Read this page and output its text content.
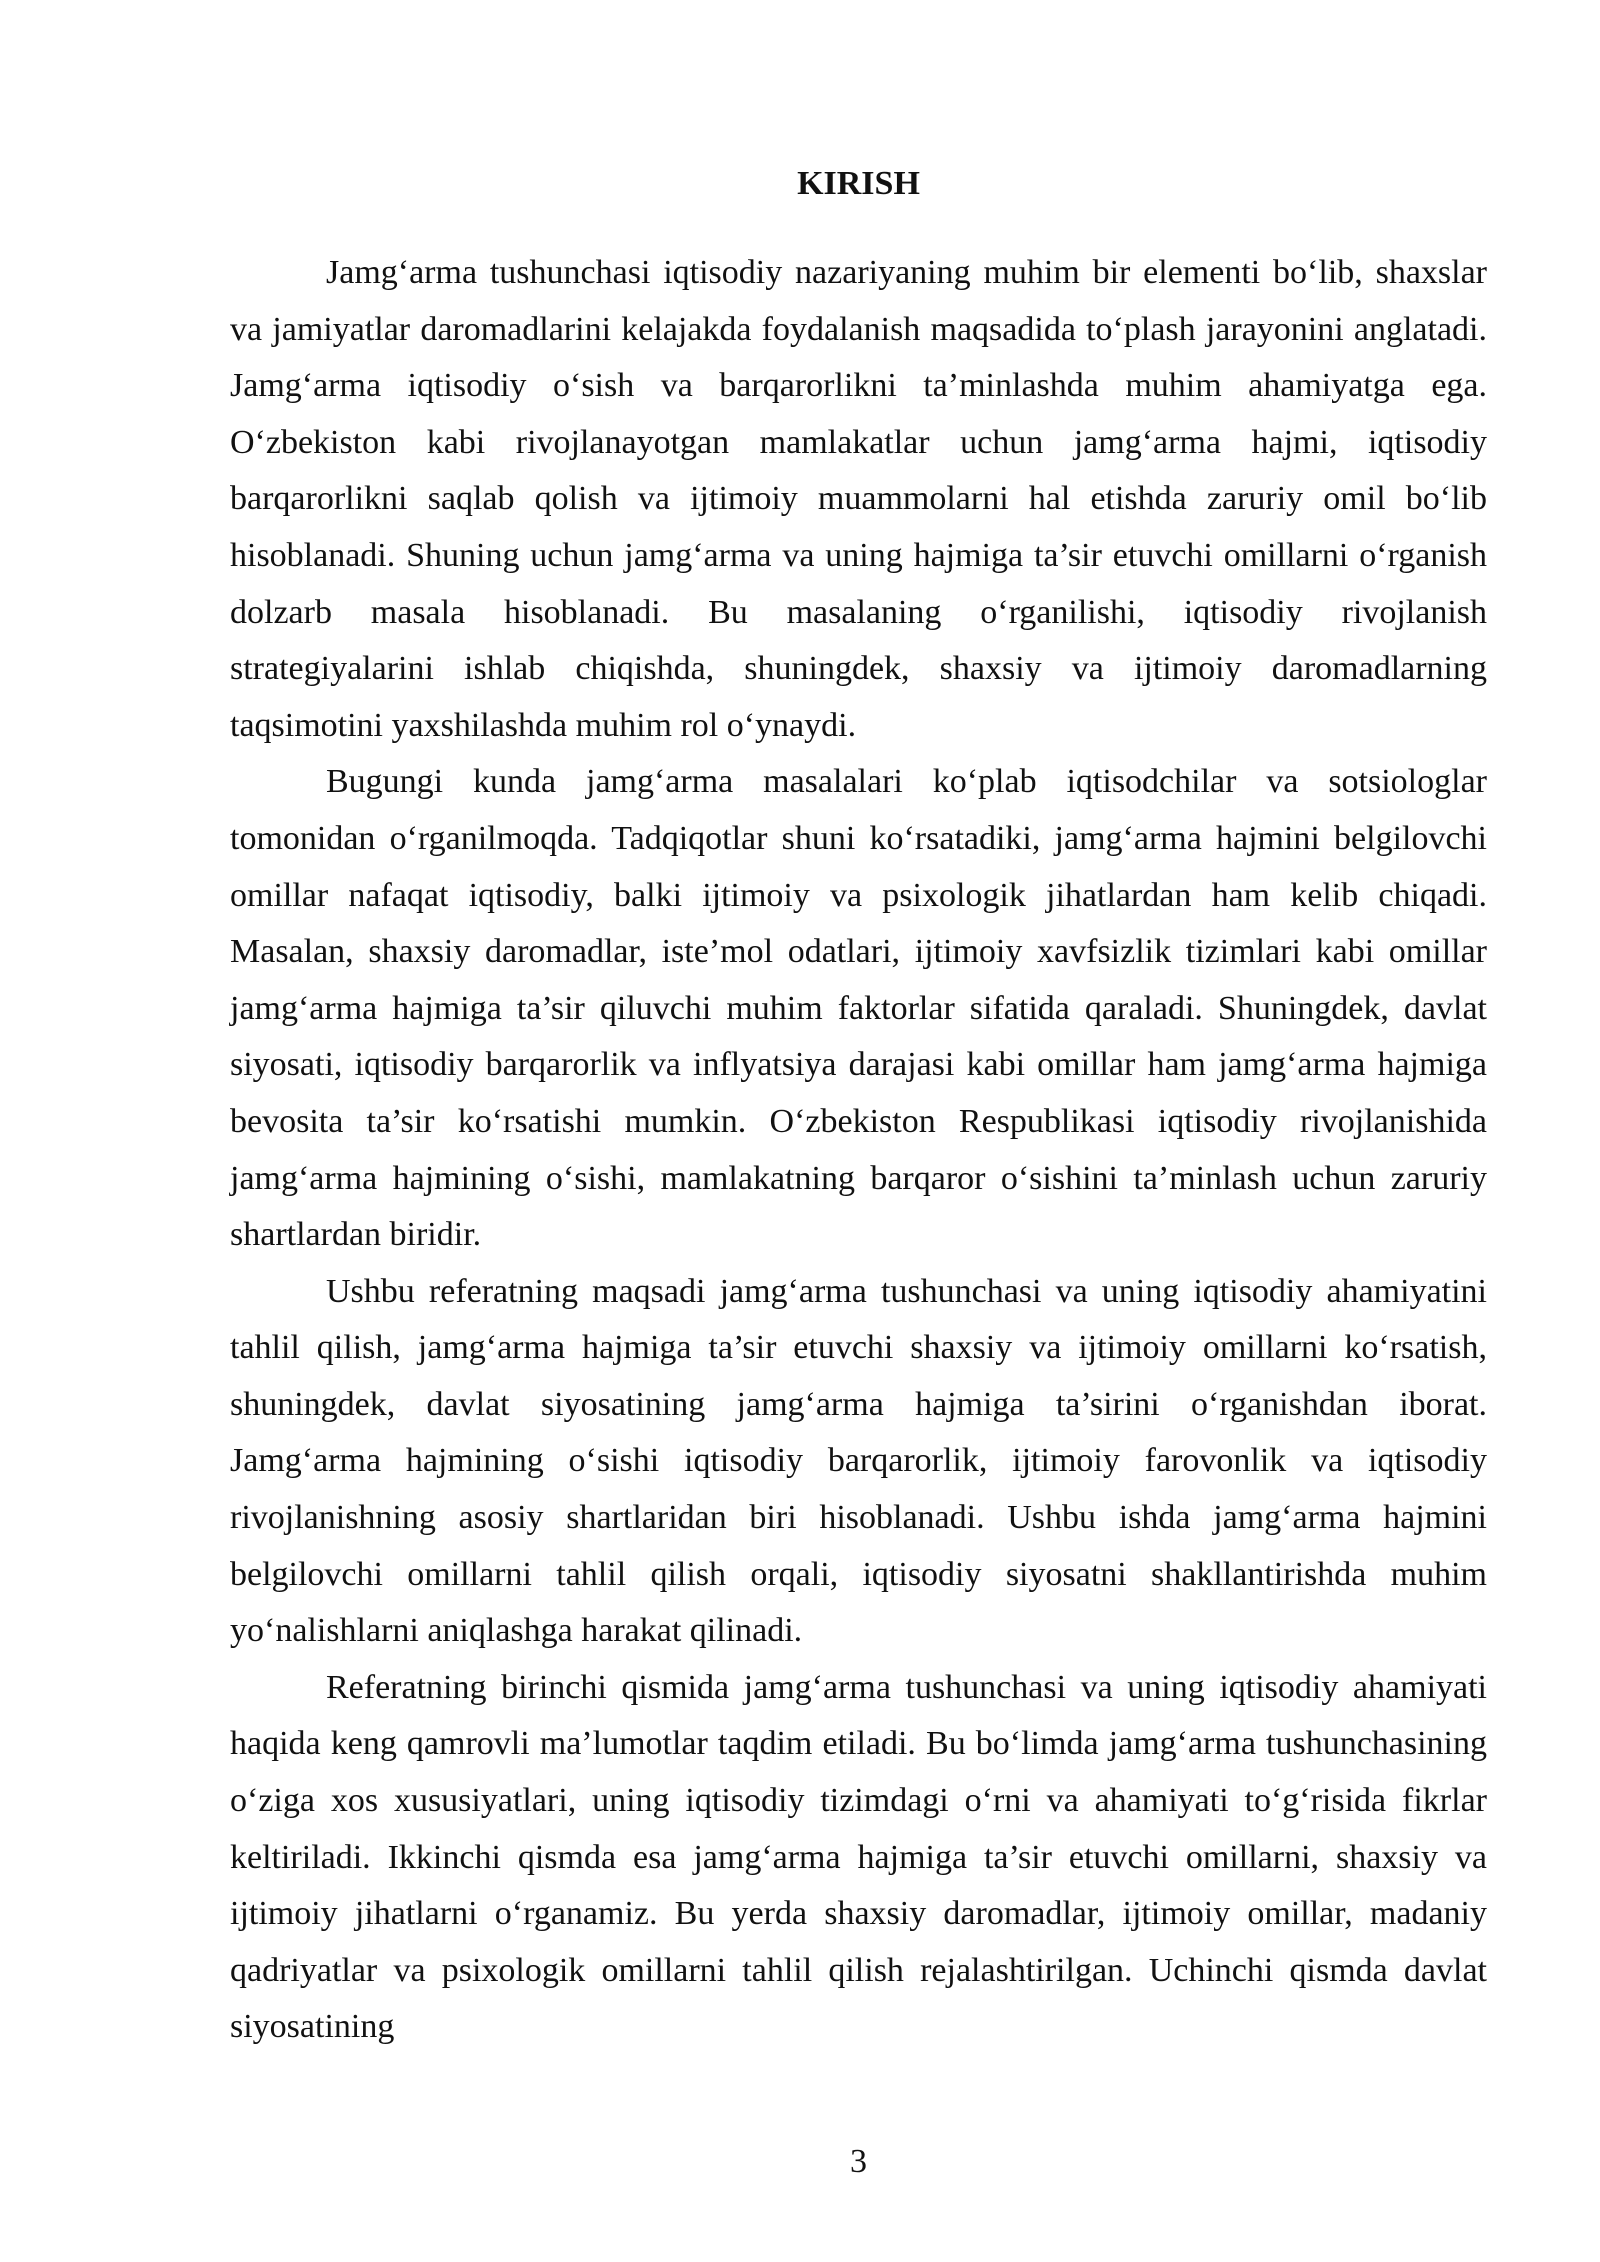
KIRISH

Jamg‘arma tushunchasi iqtisodiy nazariyaning muhim bir elementi bo‘lib, shaxslar va jamiyatlar daromadlarini kelajakda foydalanish maqsadida to‘plash jarayonini anglatadi. Jamg‘arma iqtisodiy o‘sish va barqarorlikni ta’minlashda muhim ahamiyatga ega. O‘zbekiston kabi rivojlanayotgan mamlakatlar uchun jamg‘arma hajmi, iqtisodiy barqarorlikni saqlab qolish va ijtimoiy muammolarni hal etishda zaruriy omil bo‘lib hisoblanadi. Shuning uchun jamg‘arma va uning hajmiga ta’sir etuvchi omillarni o‘rganish dolzarb masala hisoblanadi. Bu masalaning o‘rganilishi, iqtisodiy rivojlanish strategiyalarini ishlab chiqishda, shuningdek, shaxsiy va ijtimoiy daromadlarning taqsimotini yaxshilashda muhim rol o‘ynaydi.

Bugungi kunda jamg‘arma masalalari ko‘plab iqtisodchilar va sotsiologlar tomonidan o‘rganilmoqda. Tadqiqotlar shuni ko‘rsatadiki, jamg‘arma hajmini belgilovchi omillar nafaqat iqtisodiy, balki ijtimoiy va psixologik jihatlardan ham kelib chiqadi. Masalan, shaxsiy daromadlar, iste’mol odatlari, ijtimoiy xavfsizlik tizimlari kabi omillar jamg‘arma hajmiga ta’sir qiluvchi muhim faktorlar sifatida qaraladi. Shuningdek, davlat siyosati, iqtisodiy barqarorlik va inflyatsiya darajasi kabi omillar ham jamg‘arma hajmiga bevosita ta’sir ko‘rsatishi mumkin. O‘zbekiston Respublikasi iqtisodiy rivojlanishida jamg‘arma hajmining o‘sishi, mamlakatning barqaror o‘sishini ta’minlash uchun zaruriy shartlardan biridir.

Ushbu referatning maqsadi jamg‘arma tushunchasi va uning iqtisodiy ahamiyatini tahlil qilish, jamg‘arma hajmiga ta’sir etuvchi shaxsiy va ijtimoiy omillarni ko‘rsatish, shuningdek, davlat siyosatining jamg‘arma hajmiga ta’sirini o‘rganishdan iborat. Jamg‘arma hajmining o‘sishi iqtisodiy barqarorlik, ijtimoiy farovonlik va iqtisodiy rivojlanishning asosiy shartlaridan biri hisoblanadi. Ushbu ishda jamg‘arma hajmini belgilovchi omillarni tahlil qilish orqali, iqtisodiy siyosatni shakllantirishda muhim yo‘nalishlarni aniqlashga harakat qilinadi.

Referatning birinchi qismida jamg‘arma tushunchasi va uning iqtisodiy ahamiyati haqida keng qamrovli ma’lumotlar taqdim etiladi. Bu bo‘limda jamg‘arma tushunchasining o‘ziga xos xususiyatlari, uning iqtisodiy tizimdagi o‘rni va ahamiyati to‘g‘risida fikrlar keltiriladi. Ikkinchi qismda esa jamg‘arma hajmiga ta’sir etuvchi omillarni, shaxsiy va ijtimoiy jihatlarni o‘rganamiz. Bu yerda shaxsiy daromadlar, ijtimoiy omillar, madaniy qadriyatlar va psixologik omillarni tahlil qilish rejalashtirilgan. Uchinchi qismda davlat siyosatining

3
